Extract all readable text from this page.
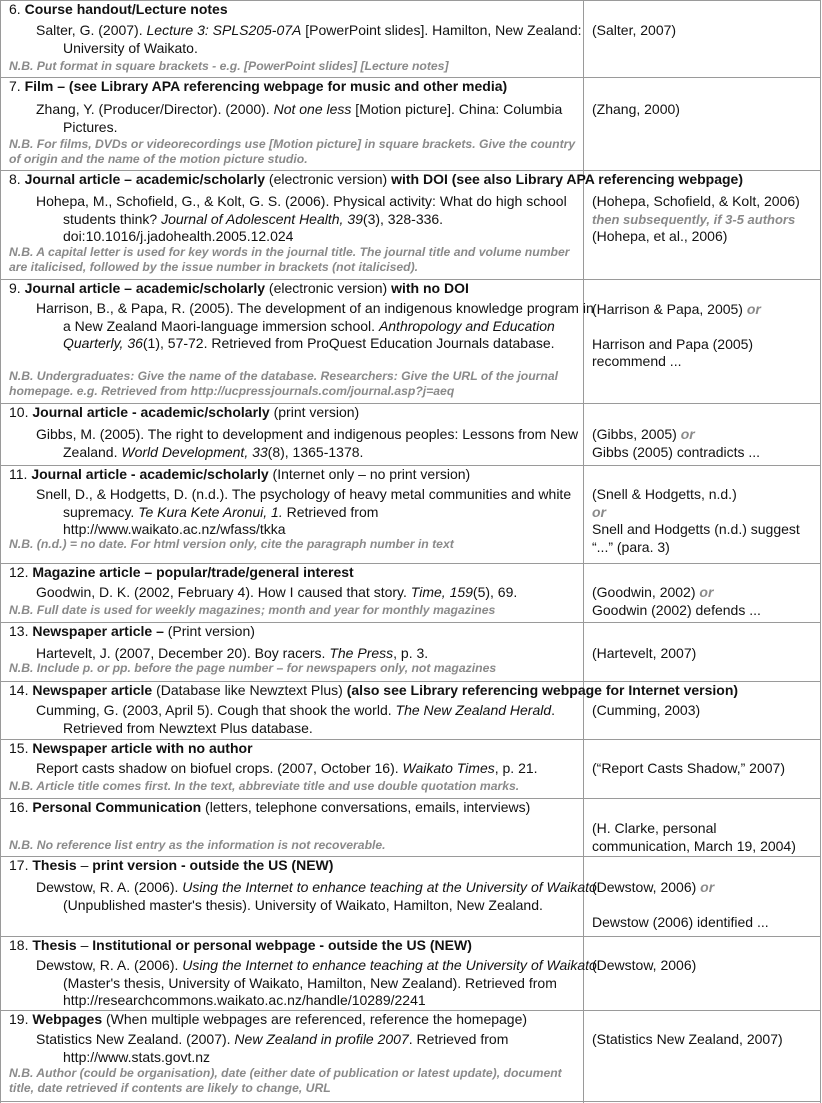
6. Course handout/Lecture notes
Salter, G. (2007). Lecture 3: SPLS205-07A [PowerPoint slides]. Hamilton, New Zealand: University of Waikato.
N.B. Put format in square brackets - e.g. [PowerPoint slides] [Lecture notes]
(Salter, 2007)
7. Film – (see Library APA referencing webpage for music and other media)
Zhang, Y. (Producer/Director). (2000). Not one less [Motion picture]. China: Columbia Pictures.
N.B. For films, DVDs or videorecordings use [Motion picture] in square brackets. Give the country of origin and the name of the motion picture studio.
(Zhang, 2000)
8. Journal article – academic/scholarly (electronic version) with DOI (see also Library APA referencing webpage)
Hohepa, M., Schofield, G., & Kolt, G. S. (2006). Physical activity: What do high school students think? Journal of Adolescent Health, 39(3), 328-336. doi:10.1016/j.jadohealth.2005.12.024
N.B. A capital letter is used for key words in the journal title. The journal title and volume number are italicised, followed by the issue number in brackets (not italicised).
(Hohepa, Schofield, & Kolt, 2006)
then subsequently, if 3-5 authors
(Hohepa, et al., 2006)
9. Journal article – academic/scholarly (electronic version) with no DOI
Harrison, B., & Papa, R. (2005). The development of an indigenous knowledge program in a New Zealand Maori-language immersion school. Anthropology and Education Quarterly, 36(1), 57-72. Retrieved from ProQuest Education Journals database.
N.B. Undergraduates: Give the name of the database. Researchers: Give the URL of the journal homepage. e.g. Retrieved from http://ucpressjournals.com/journal.asp?j=aeq
(Harrison & Papa, 2005) or

Harrison and Papa (2005) recommend ...
10. Journal article - academic/scholarly (print version)
Gibbs, M. (2005). The right to development and indigenous peoples: Lessons from New Zealand. World Development, 33(8), 1365-1378.
(Gibbs, 2005) or
Gibbs (2005) contradicts ...
11. Journal article - academic/scholarly (Internet only – no print version)
Snell, D., & Hodgetts, D. (n.d.). The psychology of heavy metal communities and white supremacy. Te Kura Kete Aronui, 1. Retrieved from http://www.waikato.ac.nz/wfass/tkka
N.B. (n.d.) = no date. For html version only, cite the paragraph number in text
(Snell & Hodgetts, n.d.)
or
Snell and Hodgetts (n.d.) suggest “...” (para. 3)
12. Magazine article – popular/trade/general interest
Goodwin, D. K. (2002, February 4). How I caused that story. Time, 159(5), 69.
N.B. Full date is used for weekly magazines; month and year for monthly magazines
(Goodwin, 2002) or
Goodwin (2002) defends ...
13. Newspaper article – (Print version)
Hartevelt, J. (2007, December 20). Boy racers. The Press, p. 3.
N.B. Include p. or pp. before the page number – for newspapers only, not magazines
(Hartevelt, 2007)
14. Newspaper article (Database like Newztext Plus) (also see Library referencing webpage for Internet version)
Cumming, G. (2003, April 5). Cough that shook the world. The New Zealand Herald. Retrieved from Newztext Plus database.
(Cumming, 2003)
15. Newspaper article with no author
Report casts shadow on biofuel crops. (2007, October 16). Waikato Times, p. 21.
N.B. Article title comes first. In the text, abbreviate title and use double quotation marks.
(“Report Casts Shadow,” 2007)
16. Personal Communication (letters, telephone conversations, emails, interviews)
N.B. No reference list entry as the information is not recoverable.
(H. Clarke, personal communication, March 19, 2004)
17. Thesis – print version - outside the US (NEW)
Dewstow, R. A. (2006). Using the Internet to enhance teaching at the University of Waikato (Unpublished master's thesis). University of Waikato, Hamilton, New Zealand.
(Dewstow, 2006) or

Dewstow (2006) identified ...
18. Thesis – Institutional or personal webpage - outside the US (NEW)
Dewstow, R. A. (2006). Using the Internet to enhance teaching at the University of Waikato (Master's thesis, University of Waikato, Hamilton, New Zealand). Retrieved from http://researchcommons.waikato.ac.nz/handle/10289/2241
(Dewstow, 2006)
19. Webpages (When multiple webpages are referenced, reference the homepage)
Statistics New Zealand. (2007). New Zealand in profile 2007. Retrieved from http://www.stats.govt.nz
N.B. Author (could be organisation), date (either date of publication or latest update), document title, date retrieved if contents are likely to change, URL
(Statistics New Zealand, 2007)
